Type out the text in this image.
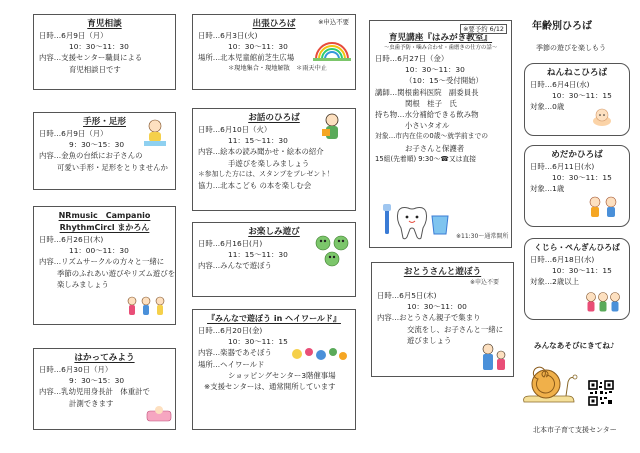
育児相談
日時…6月9日（月）
10：30～11：30
内容…支援センター職員による
育児相談日です
※申込不要
出張ひろば
日時…6月3日(火)
10：30～11：30
場所…北本児童館前芝生広場
＊現地集合・現地解散　＊雨天中止
※要予約 6/12
育児講座『はみがき教室』
～虫歯予防・噛み合わせ・歯磨きの仕方の話～
日時…6月27日（金）
10：30～11：30
（10：15～受付開始）
講師…関根歯科医院　副委員長
関根　桂子　氏
持ち物…水分補給できる飲み物
小さいタオル
対象…市内在住の0歳～就学前までの
お子さんと保護者
15組(先着順) 9:30～☎又は直接
※11:30～通常開所
年齢別ひろば
季節の遊びを楽しもう
ねんねこひろば
日時…6月4日(水)
10：30～11：15
対象…0歳
めだかひろば
日時…6月11日(水)
10：30～11：15
対象…1歳
くじら・ぺんぎんひろば
日時…6月18日(水)
10：30～11：15
対象…2歳以上
手形・足形
日時…6月9日（月）
9：30～15：30
内容…金魚の台紙にお子さんの
可愛い手形・足形をとりませんか
お話のひろば
日時…6月10日（火）
11：15～11：30
内容…絵本の読み聞かせ・絵本の紹介
手遊びを楽しみましょう
＊参加した方には、スタンプをプレゼント！
協力…北本こども の本を楽しむ会
NRmusic　Campanio
RhythmCircl まかろん
日時…6月26日(木)
11：00～11：30
内容…リズムサークルの方々と一緒に
季節のふれあい遊びやリズム遊びを
楽しみましょう
お楽しみ遊び
日時…6月16日(月)
11：15～11：30
内容…みんなで遊ぼう
おとうさんと遊ぼう
※申込不要
日時…6月5日(木)
10：30～11：00
内容…おとうさん親子で集まり
交流をし、お子さんと一緒に
遊びましょう
はかってみよう
日時…6月30日（月）
9：30～15：30
内容…乳幼児用身長計　体重計で
計測できます
『みんなで遊ぼう in ヘイワールド』
日時…6月20日(金)
10：30～11：15
内容…楽器であそぼう
場所…ヘイワールド
ショッピングセンター3階催事場
※支援センターは、通常開所しています
みんなあそびにきてね♪
北本市子育て支援センター
